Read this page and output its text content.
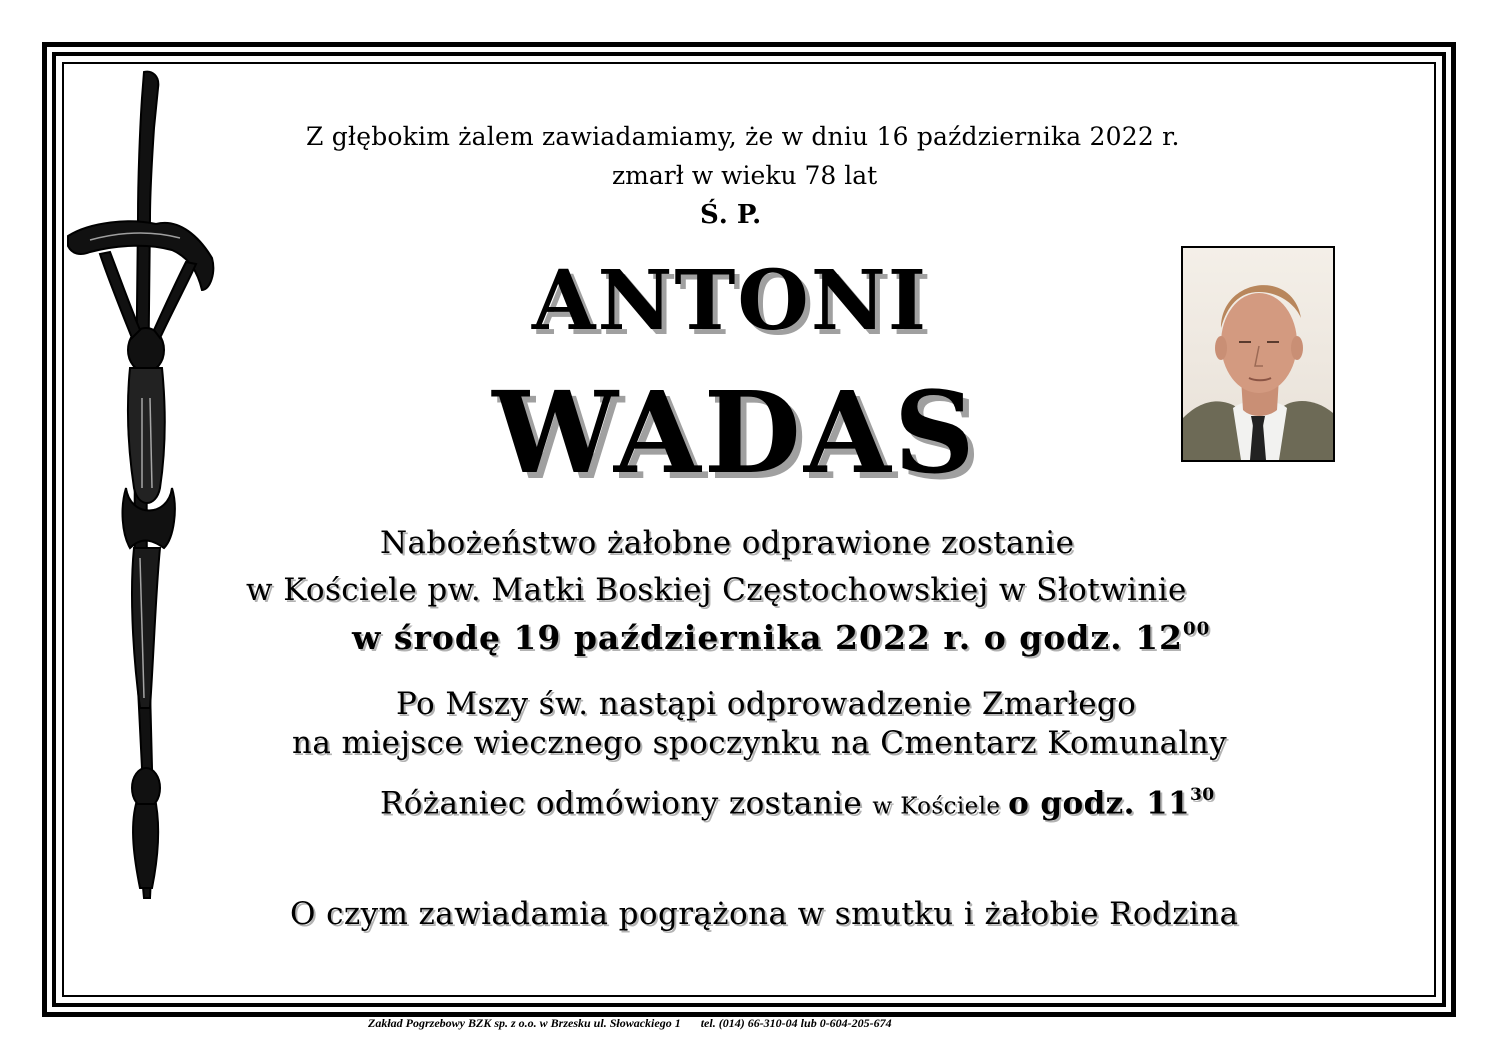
Z głębokim żalem zawiadamiamy, że w dniu 16 października 2022 r.
zmarł w wieku 78 lat
Ś. P.
ANTONI
WADAS
Nabożeństwo żałobne odprawione zostanie
w Kościele pw. Matki Boskiej Częstochowskiej w Słotwinie
w środę 19 października 2022 r. o godz. $12^{00}$
Po Mszy św. nastąpi odprowadzenie Zmarłego
na miejsce wiecznego spoczynku na Cmentarz Komunalny
Różaniec odmówiony zostanie w Kościele o godz. $11^{30}$
O czym zawiadamia pogrążona w smutku i żałobie Rodzina
Zakład Pogrzebowy BZK sp. z o.o. w Brzesku ul. Słowackiego 1 tel. (014) 66-310-04 lub 0-604-205-674
